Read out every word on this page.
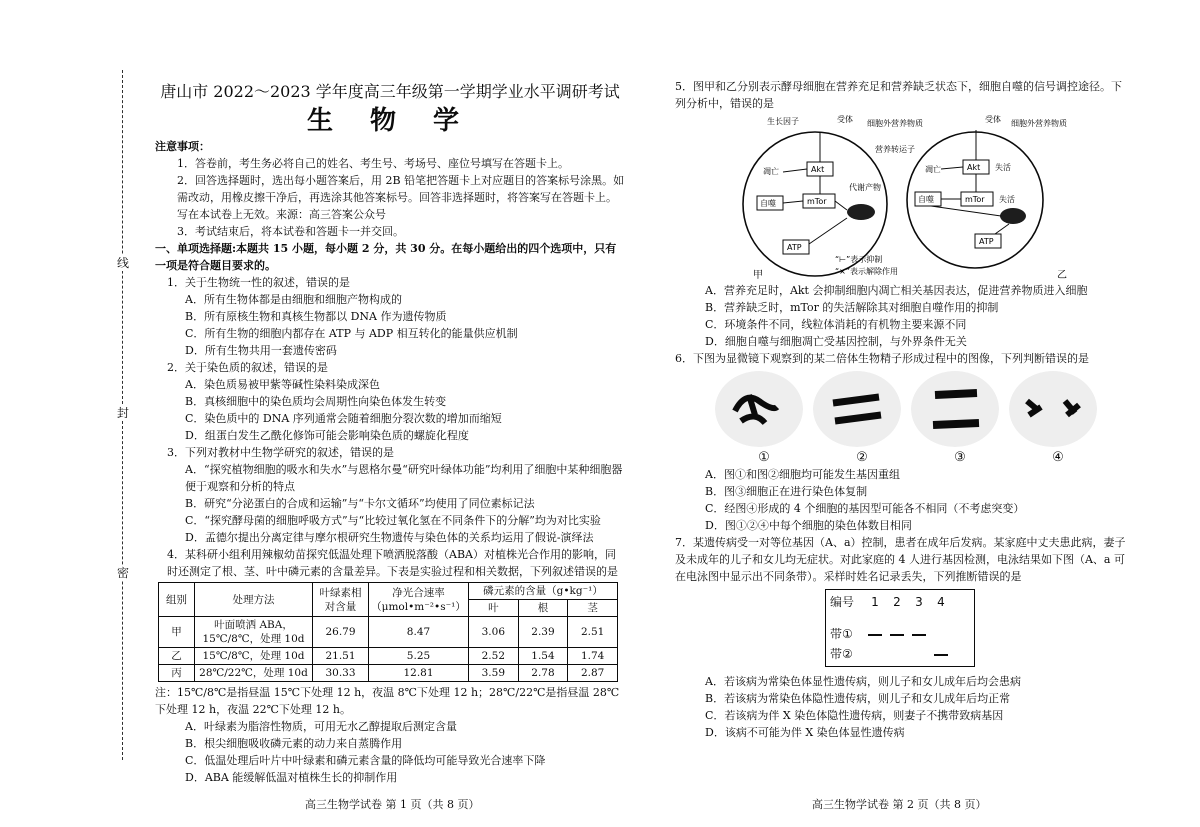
线
封
密
唐山市 2022～2023 学年度高三年级第一学期学业水平调研考试
生 物 学
注意事项：
1．答卷前，考生务必将自己的姓名、考生号、考场号、座位号填写在答题卡上。
2．回答选择题时，选出每小题答案后，用 2B 铅笔把答题卡上对应题目的答案标号涂黑。如需改动，用橡皮擦干净后，再选涂其他答案标号。回答非选择题时，将答案写在答题卡上。写在本试卷上无效。来源：高三答案公众号
3．考试结束后，将本试卷和答题卡一并交回。
一、单项选择题:本题共 15 小题，每小题 2 分，共 30 分。在每小题给出的四个选项中，只有一项是符合题目要求的。
1．关于生物统一性的叙述，错误的是
A．所有生物体都是由细胞和细胞产物构成的
B．所有原核生物和真核生物都以 DNA 作为遗传物质
C．所有生物的细胞内都存在 ATP 与 ADP 相互转化的能量供应机制
D．所有生物共用一套遗传密码
2．关于染色质的叙述，错误的是
A．染色质易被甲紫等碱性染料染成深色
B．真核细胞中的染色质均会周期性向染色体发生转变
C．染色质中的 DNA 序列通常会随着细胞分裂次数的增加而缩短
D．组蛋白发生乙酰化修饰可能会影响染色质的螺旋化程度
3．下列对教材中生物学研究的叙述，错误的是
A．“探究植物细胞的吸水和失水”与恩格尔曼“研究叶绿体功能”均利用了细胞中某种细胞器便于观察和分析的特点
B．研究“分泌蛋白的合成和运输”与“卡尔文循环”均使用了同位素标记法
C．“探究酵母菌的细胞呼吸方式”与“比较过氧化氢在不同条件下的分解”均为对比实验
D．孟德尔提出分离定律与摩尔根研究生物遗传与染色体的关系均运用了假说-演绎法
4．某科研小组利用辣椒幼苗探究低温处理下喷洒脱落酸（ABA）对植株光合作用的影响，同时还测定了根、茎、叶中磷元素的含量差异。下表是实验过程和相关数据，下列叙述错误的是
组别	处理方法	叶绿素相对含量	净光合速率（μmol•m⁻²•s⁻¹）	磷元素的含量（g•kg⁻¹）		
				叶	根	茎
甲	叶面喷洒 ABA，15℃/8℃，处理 10d	26.79	8.47	3.06	2.39	2.51
乙	15℃/8℃，处理 10d	21.51	5.25	2.52	1.54	1.74
丙	28℃/22℃，处理 10d	30.33	12.81	3.59	2.78	2.87
注：15℃/8℃是指昼温 15℃下处理 12 h，夜温 8℃下处理 12 h；28℃/22℃是指昼温 28℃下处理 12 h，夜温 22℃下处理 12 h。
A．叶绿素为脂溶性物质，可用无水乙醇提取后测定含量
B．根尖细胞吸收磷元素的动力来自蒸腾作用
C．低温处理后叶片中叶绿素和磷元素含量的降低均可能导致光合速率下降
D．ABA 能缓解低温对植株生长的抑制作用
高三生物学试卷 第 1 页（共 8 页）
5．图甲和乙分别表示酵母细胞在营养充足和营养缺乏状态下，细胞自噬的信号调控途径。下列分析中，错误的是
生长因子	受体 细胞外营养物质
营养转运子
凋亡	Akt
mTor
自噬
代谢产物
ATP
甲
“⊢”表示抑制
“×”表示解除作用
受体 细胞外营养物质
凋亡	Akt 失活
mTor 失活
自噬
ATP
乙
A．营养充足时，Akt 会抑制细胞内凋亡相关基因表达，促进营养物质进入细胞
B．营养缺乏时，mTor 的失活解除其对细胞自噬作用的抑制
C．环境条件不同，线粒体消耗的有机物主要来源不同
D．细胞自噬与细胞凋亡受基因控制，与外界条件无关
6．下图为显微镜下观察到的某二倍体生物精子形成过程中的图像，下列判断错误的是
①	②	③	④
A．图①和图②细胞均可能发生基因重组
B．图③细胞正在进行染色体复制
C．经图④形成的 4 个细胞的基因型可能各不相同（不考虑突变）
D．图①②④中每个细胞的染色体数目相同
7．某遗传病受一对等位基因（A、a）控制，患者在成年后发病。某家庭中丈夫患此病，妻子及未成年的儿子和女儿均无症状。对此家庭的 4 人进行基因检测，电泳结果如下图（A、a 可在电泳图中显示出不同条带）。采样时姓名记录丢失，下列推断错误的是
编号	1	2	3	4
带①
带②
A．若该病为常染色体显性遗传病，则儿子和女儿成年后均会患病
B．若该病为常染色体隐性遗传病，则儿子和女儿成年后均正常
C．若该病为伴 X 染色体隐性遗传病，则妻子不携带致病基因
D．该病不可能为伴 X 染色体显性遗传病
高三生物学试卷 第 2 页（共 8 页）
